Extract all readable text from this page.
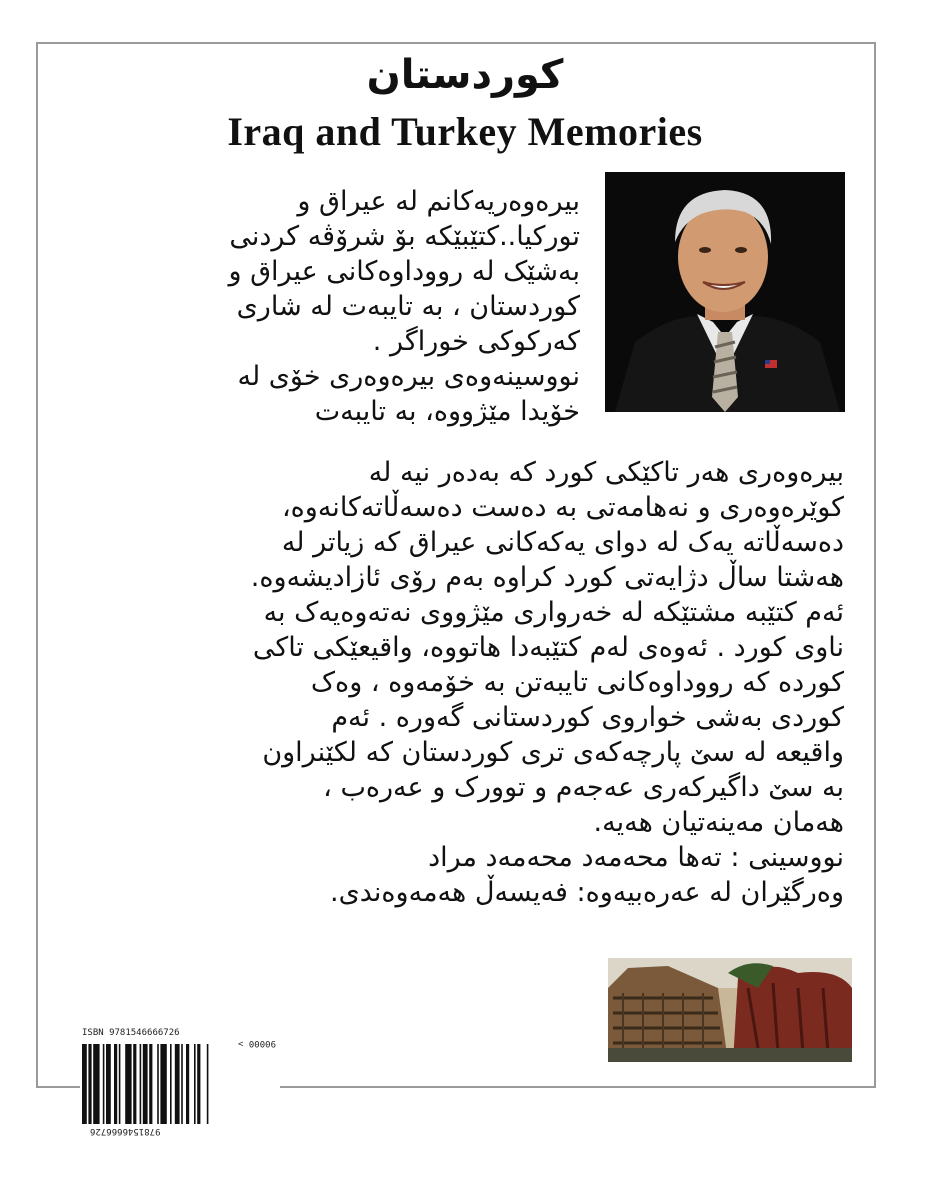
کوردستان
Iraq and Turkey Memories
بیرەوەریەکانم لە عیراق و
تورکیا..کتێبێکە بۆ شرۆڤە کردنی
بەشێک لە رووداوەکانی عیراق و
کوردستان ، بە تایبەت لە شاری
کەرکوکی خوراگر .
نووسینەوەی بیرەوەری خۆی لە
خۆیدا مێژووە، بە تایبەت
بیرەوەری هەر تاکێکی کورد کە بەدەر نیە لە
کوێرەوەری و نەهامەتی بە دەست دەسەڵاتەکانەوە،
دەسەڵاتە یەک لە دوای یەکەکانی عیراق کە زیاتر لە
هەشتا ساڵ دژایەتی کورد کراوە بەم رۆی ئازادیشەوە.
ئەم کتێبە مشتێکە لە خەرواری مێژووی نەتەوەیەک بە
ناوی کورد . ئەوەی لەم کتێبەدا هاتووە، واقیعێکی تاکی
کوردە کە رووداوەکانی تایبەتن بە خۆمەوە ، وەک
کوردی بەشی خواروی کوردستانی گەورە . ئەم
واقیعە لە سێ پارچەکەی تری کوردستان کە لکێنراون
بە سێ داگیرکەری عەجەم و توورک و عەرەب ،
هەمان مەینەتیان هەیە.
نووسینی : تەها محەمەد محەمەد مراد
وەرگێران لە عەرەبیەوە: فەیسەڵ هەمەوەندی.
ISBN 9781546666726
90000 >
9781546666726
